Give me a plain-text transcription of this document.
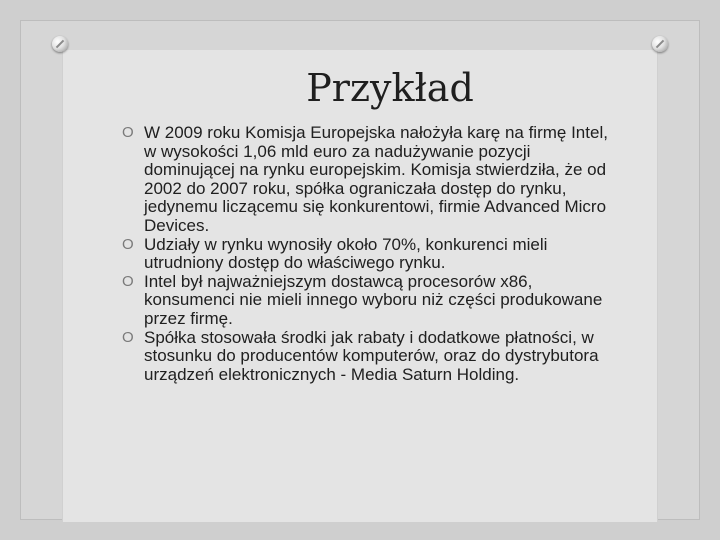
Przykład
O W 2009 roku Komisja Europejska nałożyła karę na firmę Intel, w wysokości 1,06 mld euro za nadużywanie pozycji dominującej na rynku europejskim. Komisja stwierdziła, że od 2002 do 2007 roku, spółka ograniczała dostęp do rynku, jedynemu liczącemu się konkurentowi, firmie Advanced Micro Devices.
O Udziały w rynku wynosiły około 70%, konkurenci mieli utrudniony dostęp do właściwego rynku.
O Intel był najważniejszym dostawcą procesorów x86, konsumenci nie mieli innego wyboru niż części produkowane przez firmę.
O Spółka stosowała środki jak rabaty i dodatkowe płatności, w stosunku do producentów komputerów, oraz do dystrybutora urządzeń elektronicznych - Media Saturn Holding.
